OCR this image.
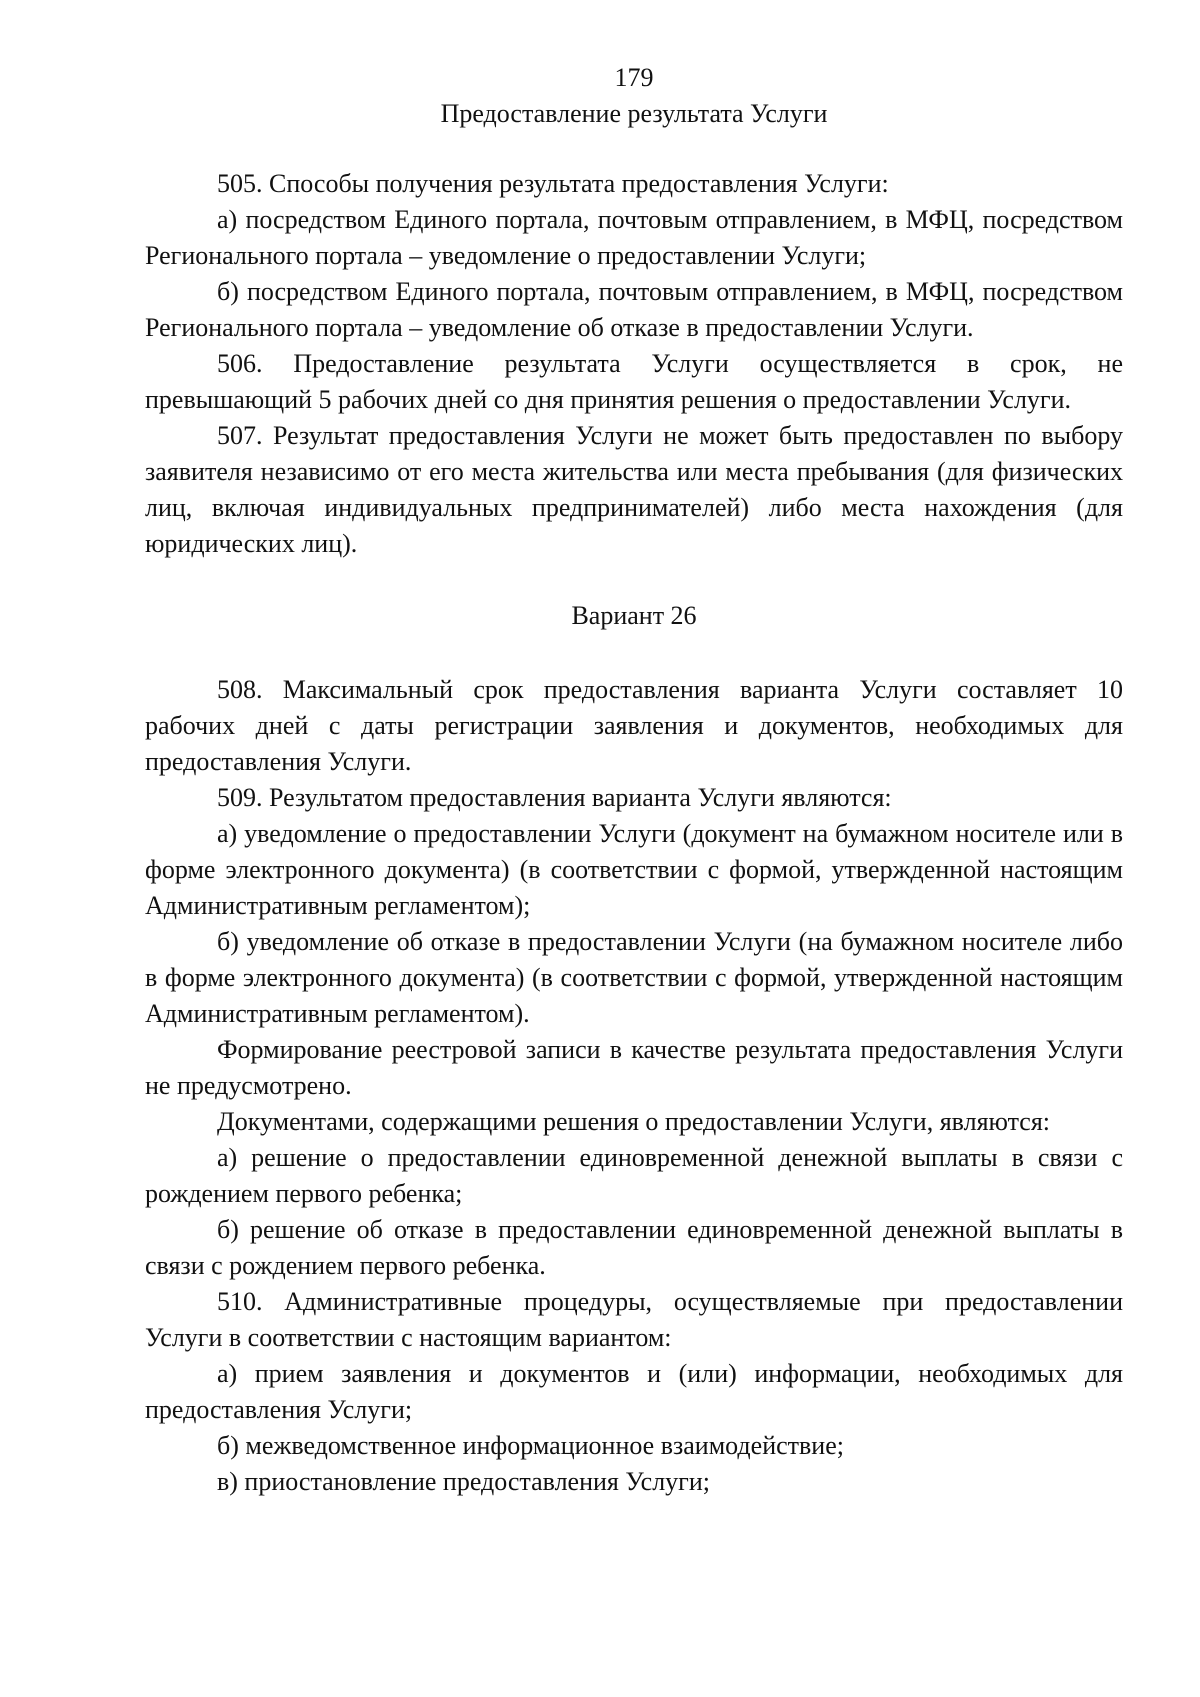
179

Предоставление результата Услуги

505. Способы получения результата предоставления Услуги:

а) посредством Единого портала, почтовым отправлением, в МФЦ, посредством Регионального портала – уведомление о предоставлении Услуги;

б) посредством Единого портала, почтовым отправлением, в МФЦ, посредством Регионального портала – уведомление об отказе в предоставлении Услуги.

506. Предоставление результата Услуги осуществляется в срок, не превышающий 5 рабочих дней со дня принятия решения о предоставлении Услуги.

507. Результат предоставления Услуги не может быть предоставлен по выбору заявителя независимо от его места жительства или места пребывания (для физических лиц, включая индивидуальных предпринимателей) либо места нахождения (для юридических лиц).

Вариант 26

508. Максимальный срок предоставления варианта Услуги составляет 10 рабочих дней с даты регистрации заявления и документов, необходимых для предоставления Услуги.

509. Результатом предоставления варианта Услуги являются:

а) уведомление о предоставлении Услуги (документ на бумажном носителе или в форме электронного документа) (в соответствии с формой, утвержденной настоящим Административным регламентом);

б) уведомление об отказе в предоставлении Услуги (на бумажном носителе либо в форме электронного документа) (в соответствии с формой, утвержденной настоящим Административным регламентом).

Формирование реестровой записи в качестве результата предоставления Услуги не предусмотрено.

Документами, содержащими решения о предоставлении Услуги, являются:

а) решение о предоставлении единовременной денежной выплаты в связи с рождением первого ребенка;

б) решение об отказе в предоставлении единовременной денежной выплаты в связи с рождением первого ребенка.

510. Административные процедуры, осуществляемые при предоставлении Услуги в соответствии с настоящим вариантом:

а) прием заявления и документов и (или) информации, необходимых для предоставления Услуги;

б) межведомственное информационное взаимодействие;

в) приостановление предоставления Услуги;
